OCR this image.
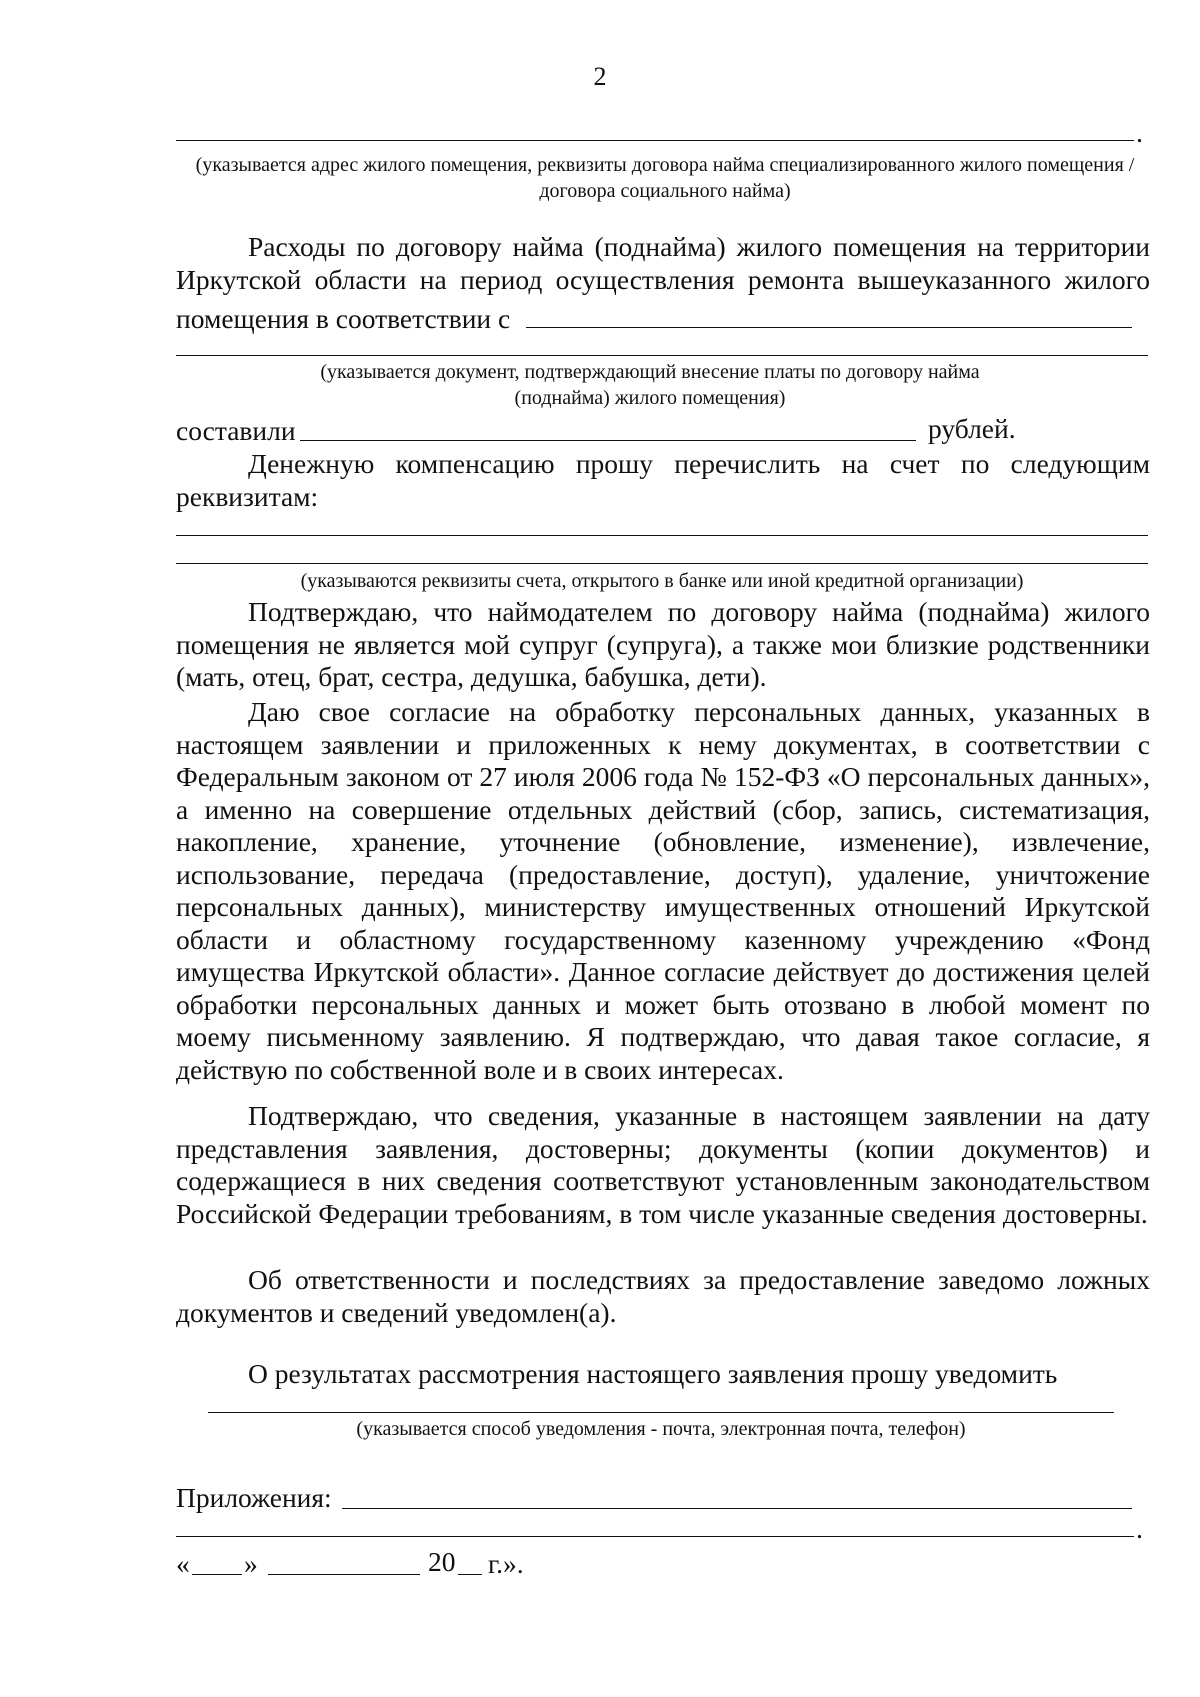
2
.
(указывается адрес жилого помещения, реквизиты договора найма специализированного жилого помещения / договора социального найма)
Расходы по договору найма (поднайма) жилого помещения на территории Иркутской области на период осуществления ремонта вышеуказанного жилого
помещения в соответствии с
(указывается документ, подтверждающий внесение платы по договору найма (поднайма) жилого помещения)
составили	рублей.
Денежную компенсацию прошу перечислить на счет по следующим реквизитам:
(указываются реквизиты счета, открытого в банке или иной кредитной организации)
Подтверждаю, что наймодателем по договору найма (поднайма) жилого помещения не является мой супруг (супруга), а также мои близкие родственники (мать, отец, брат, сестра, дедушка, бабушка, дети).
Даю свое согласие на обработку персональных данных, указанных в настоящем заявлении и приложенных к нему документах, в соответствии с Федеральным законом от 27 июля 2006 года № 152-ФЗ «О персональных данных», а именно на совершение отдельных действий (сбор, запись, систематизация, накопление, хранение, уточнение (обновление, изменение), извлечение, использование, передача (предоставление, доступ), удаление, уничтожение персональных данных), министерству имущественных отношений Иркутской области и областному государственному казенному учреждению «Фонд имущества Иркутской области». Данное согласие действует до достижения целей обработки персональных данных и может быть отозвано в любой момент по моему письменному заявлению. Я подтверждаю, что давая такое согласие, я действую по собственной воле и в своих интересах.
Подтверждаю, что сведения, указанные в настоящем заявлении на дату представления заявления, достоверны; документы (копии документов) и содержащиеся в них сведения соответствуют установленным законодательством Российской Федерации требованиям, в том числе указанные сведения достоверны.
Об ответственности и последствиях за предоставление заведомо ложных документов и сведений уведомлен(а).
О результатах рассмотрения настоящего заявления прошу уведомить
(указывается способ уведомления - почта, электронная почта, телефон)
Приложения:
.
« »	20 г.».
